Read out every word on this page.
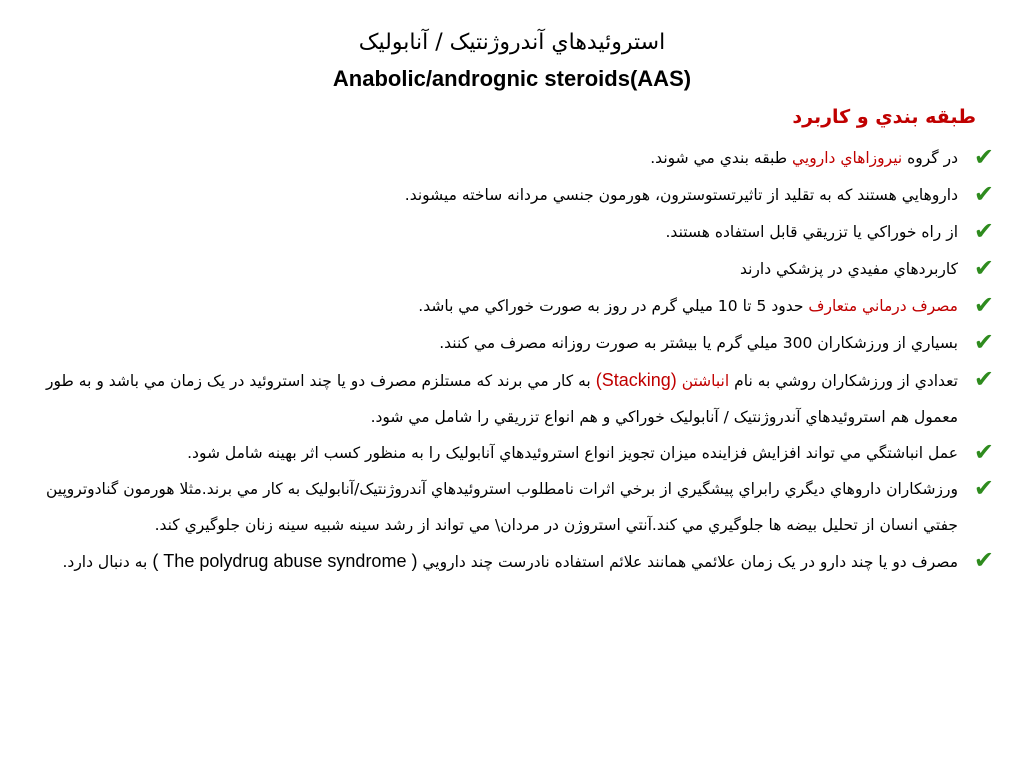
استروئیدهاي آندروژنتیک / آنابولیک
Anabolic/andrognic steroids(AAS)
طبقه بندي و کاربرد
✔
در گروه نیروزاهاي دارویي طبقه بندي مي شوند.
✔
داروهایي هستند که به تقلید از تاثیرتستوسترون، هورمون جنسي مردانه ساخته میشوند.
✔
از راه خوراکي یا تزریقي قابل استفاده هستند.
✔
کاربردهاي مفیدي در پزشکي دارند
✔
مصرف درماني متعارف حدود 5 تا 10 میلي گرم در روز به صورت خوراکي مي باشد.
✔
بسیاري از ورزشکاران 300 میلي گرم یا بیشتر به صورت روزانه مصرف مي کنند.
✔
تعدادي از ورزشکاران روشي به نام انباشتن (Stacking) به کار مي برند که مستلزم مصرف دو یا چند استروئید در یک زمان مي باشد و به طور معمول هم استروئیدهاي آندروژنتیک / آنابولیک خوراکي و هم انواع تزریقي را شامل مي شود.
✔
عمل انباشتگي مي تواند افزایش فزاینده میزان تجویز انواع استروئیدهاي آنابولیک را به منظور کسب اثر بهینه شامل شود.
✔
ورزشکاران داروهاي دیگري رابراي پیشگیري از برخي اثرات نامطلوب استروئیدهاي آندروژنتیک/آنابولیک به کار مي برند.مثلا هورمون گنادوتروپین جفتي انسان از تحلیل بیضه ها جلوگیري مي کند.آنتي استروژن در مردان\ مي تواند از رشد سینه شبیه سینه زنان جلوگیري کند.
✔
مصرف دو یا چند دارو در یک زمان علائمي همانند علائم استفاده نادرست چند دارویي ( The polydrug abuse syndrome ) به دنبال دارد.
